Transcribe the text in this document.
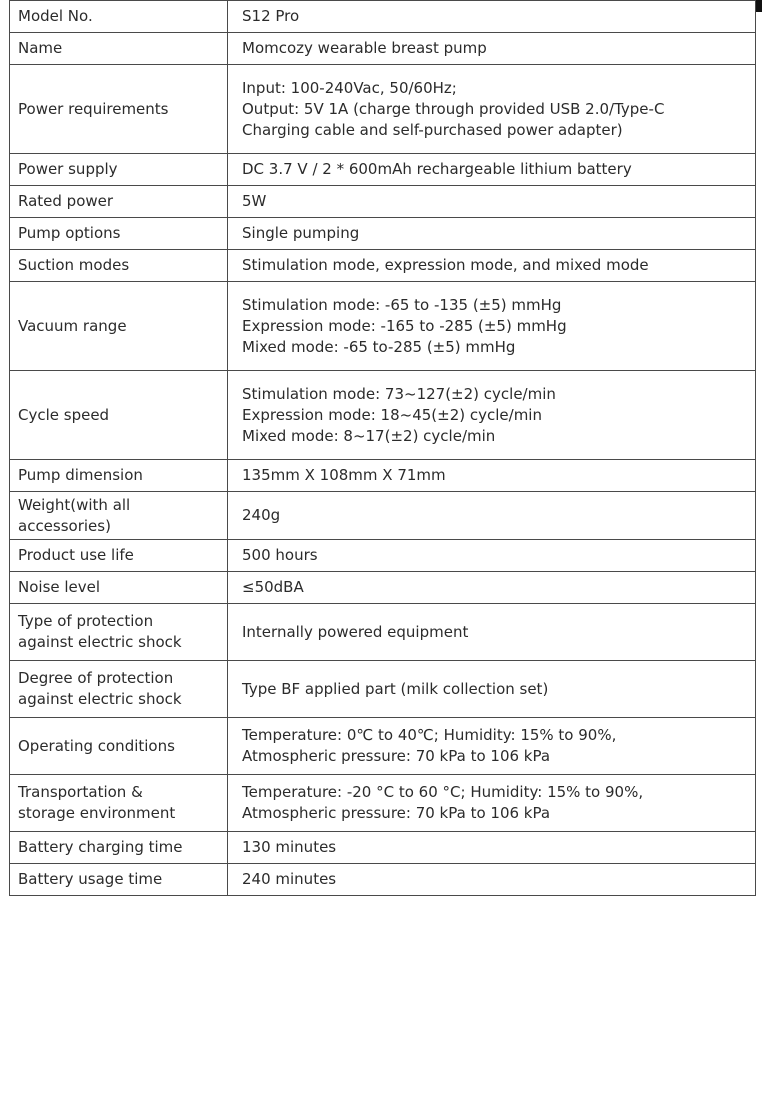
Model No.	S12 Pro

Name	Momcozy wearable breast pump

Power requirements	Input: 100-240Vac, 50/60Hz;
Output: 5V 1A (charge through provided USB 2.0/Type-C
Charging cable and self-purchased power adapter)

Power supply	DC 3.7 V / 2 * 600mAh rechargeable lithium battery

Rated power	5W

Pump options	Single pumping

Suction modes	Stimulation mode, expression mode, and mixed mode

Vacuum range	Stimulation mode: -65 to -135 (±5) mmHg
Expression mode: -165 to -285 (±5) mmHg
Mixed mode: -65 to-285 (±5) mmHg

Cycle speed	Stimulation mode: 73~127(±2) cycle/min
Expression mode: 18~45(±2) cycle/min
Mixed mode: 8~17(±2) cycle/min

Pump dimension	135mm X 108mm X 71mm

Weight(with all
accessories)	240g

Product use life	500 hours

Noise level	≤50dBA

Type of protection
against electric shock	Internally powered equipment

Degree of protection
against electric shock	Type BF applied part (milk collection set)

Operating conditions	Temperature: 0℃ to 40℃; Humidity: 15% to 90%,
Atmospheric pressure: 70 kPa to 106 kPa

Transportation &
storage environment	Temperature: -20 °C to 60 °C; Humidity: 15% to 90%,
Atmospheric pressure: 70 kPa to 106 kPa

Battery charging time	130 minutes

Battery usage time	240 minutes
